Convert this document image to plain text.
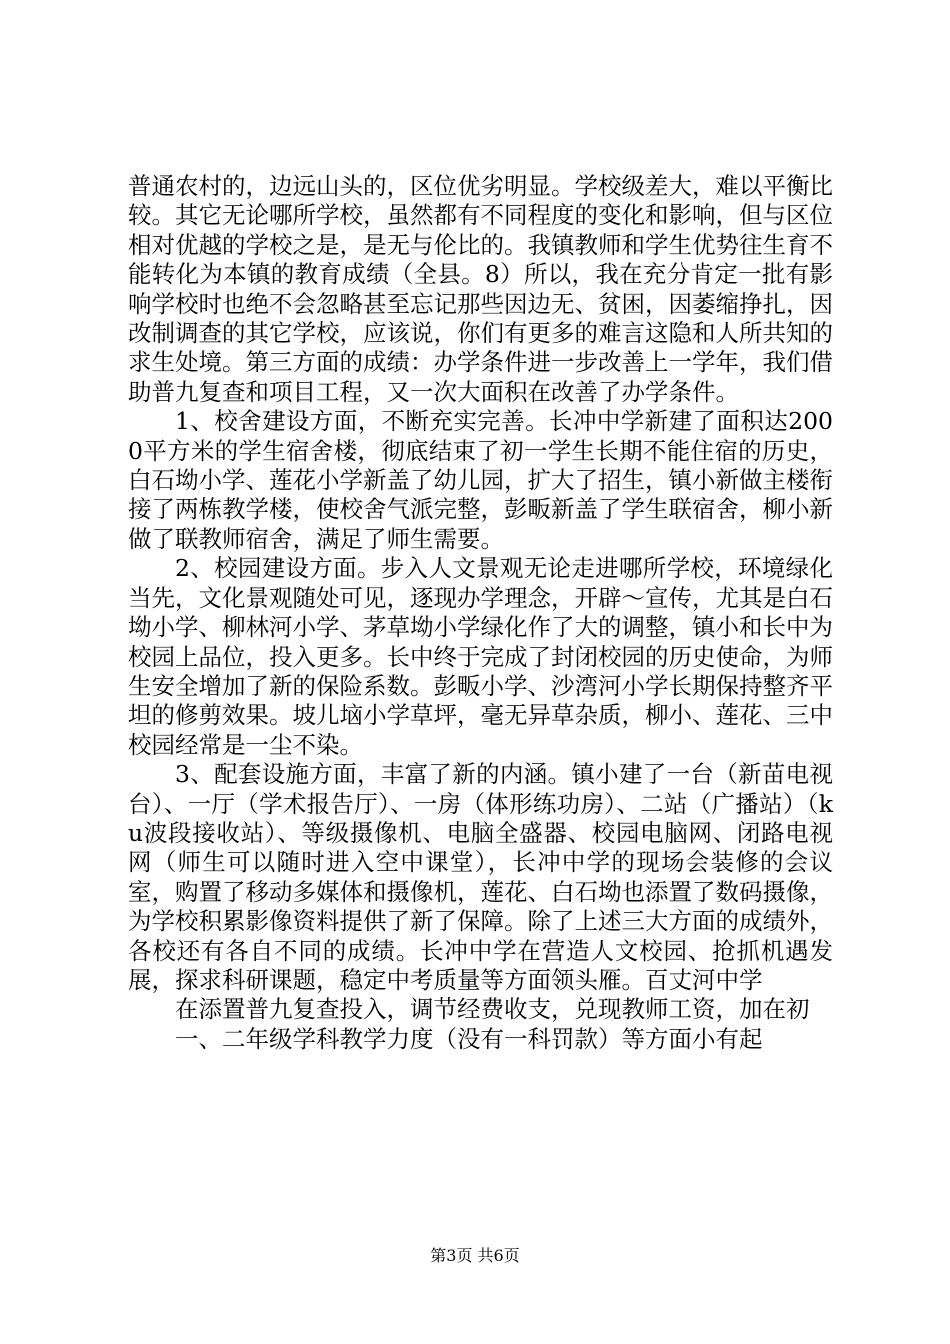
普通农村的，边远山头的，区位优劣明显。学校级差大，难以平衡比较。其它无论哪所学校，虽然都有不同程度的变化和影响，但与区位相对优越的学校之是，是无与伦比的。我镇教师和学生优势往生育不能转化为本镇的教育成绩（全县。8）所以，我在充分肯定一批有影响学校时也绝不会忽略甚至忘记那些因边无、贫困，因萎缩挣扎，因改制调查的其它学校，应该说，你们有更多的难言这隐和人所共知的求生处境。第三方面的成绩：办学条件进一步改善上一学年，我们借助普九复查和项目工程，又一次大面积在改善了办学条件。

1、校舍建设方面，不断充实完善。长冲中学新建了面积达2000平方米的学生宿舍楼，彻底结束了初一学生长期不能住宿的历史，白石坳小学、莲花小学新盖了幼儿园，扩大了招生，镇小新做主楼衔接了两栋教学楼，使校舍气派完整，彭畈新盖了学生联宿舍，柳小新做了联教师宿舍，满足了师生需要。

2、校园建设方面。步入人文景观无论走进哪所学校，环境绿化当先，文化景观随处可见，逐现办学理念，开辟～宣传，尤其是白石坳小学、柳林河小学、茅草坳小学绿化作了大的调整，镇小和长中为校园上品位，投入更多。长中终于完成了封闭校园的历史使命，为师生安全增加了新的保险系数。彭畈小学、沙湾河小学长期保持整齐平坦的修剪效果。坡儿垴小学草坪，毫无异草杂质，柳小、莲花、三中校园经常是一尘不染。

3、配套设施方面，丰富了新的内涵。镇小建了一台（新苗电视台）、一厅（学术报告厅）、一房（体形练功房）、二站（广播站）（ku波段接收站）、等级摄像机、电脑全盛器、校园电脑网、闭路电视网（师生可以随时进入空中课堂），长冲中学的现场会装修的会议室，购置了移动多媒体和摄像机，莲花、白石坳也添置了数码摄像，为学校积累影像资料提供了新了保障。除了上述三大方面的成绩外，各校还有各自不同的成绩。长冲中学在营造人文校园、抢抓机遇发展，探求科研课题，稳定中考质量等方面领头雁。百丈河中学

在添置普九复查投入，调节经费收支，兑现教师工资，加在初

一、二年级学科教学力度（没有一科罚款）等方面小有起

第3页 共6页
